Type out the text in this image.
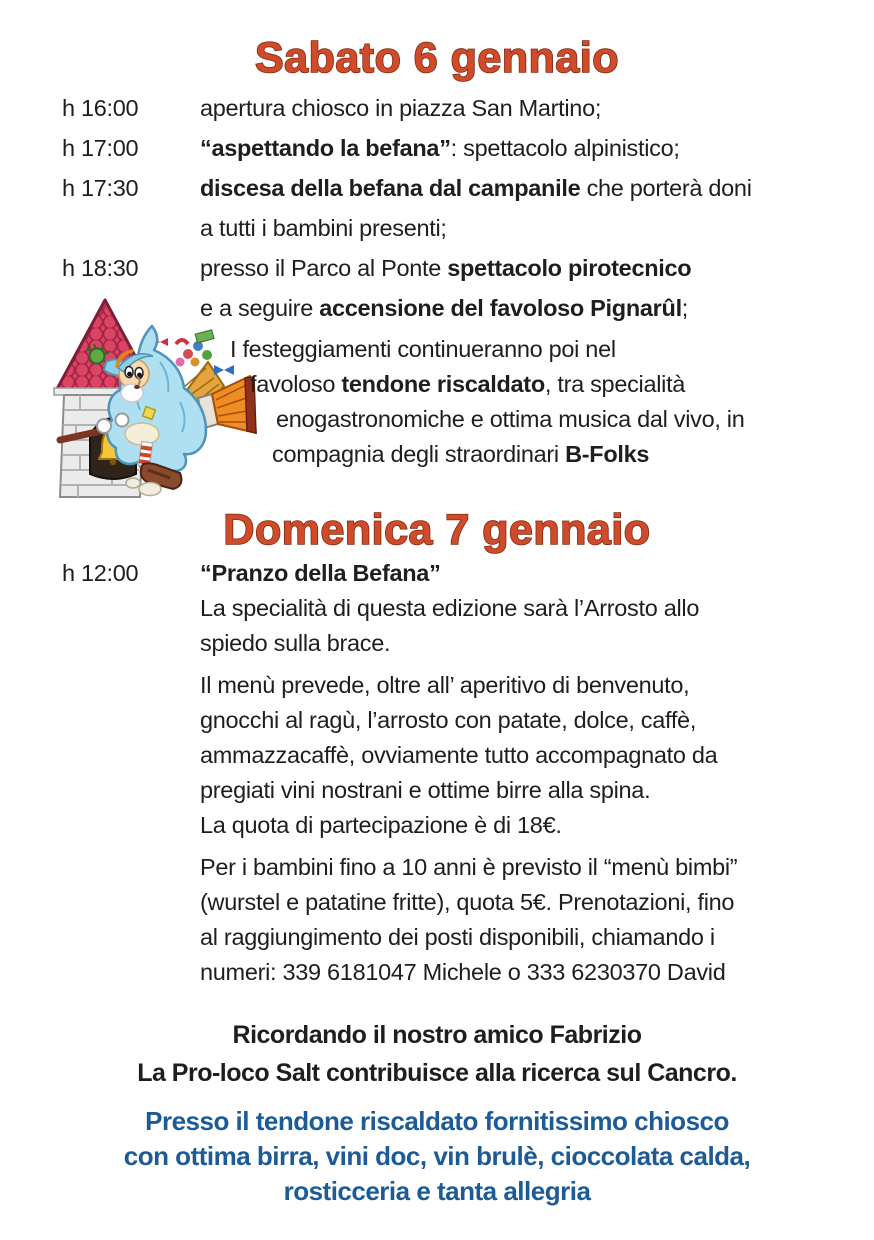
Sabato 6 gennaio
h 16:00	apertura chiosco in piazza San Martino;
h 17:00	“aspettando la befana”: spettacolo alpinistico;
h 17:30	discesa della befana dal campanile che porterà doni
a tutti i bambini presenti;
h 18:30	presso il Parco al Ponte spettacolo pirotecnico
e a seguire accensione del favoloso Pignarûl;
I festeggiamenti continueranno poi nel
favoloso tendone riscaldato, tra specialità
enogastronomiche e ottima musica dal vivo, in
compagnia degli straordinari B-Folks
Domenica 7 gennaio
h 12:00	“Pranzo della Befana”
La specialità di questa edizione sarà l’Arrosto allo
spiedo sulla brace.
Il menù prevede, oltre all’ aperitivo di benvenuto,
gnocchi al ragù, l’arrosto con patate, dolce, caffè,
ammazzacaffè, ovviamente tutto accompagnato da
pregiati vini nostrani e ottime birre alla spina.
La quota di partecipazione è di 18€.
Per i bambini fino a 10 anni è previsto il “menù bimbi”
(wurstel e patatine fritte), quota 5€. Prenotazioni, fino
al raggiungimento dei posti disponibili, chiamando i
numeri: 339 6181047 Michele o 333 6230370 David
Ricordando il nostro amico Fabrizio
La Pro-loco Salt contribuisce alla ricerca sul Cancro.
Presso il tendone riscaldato fornitissimo chiosco
con ottima birra, vini doc, vin brulè, cioccolata calda,
rosticceria e tanta allegria
